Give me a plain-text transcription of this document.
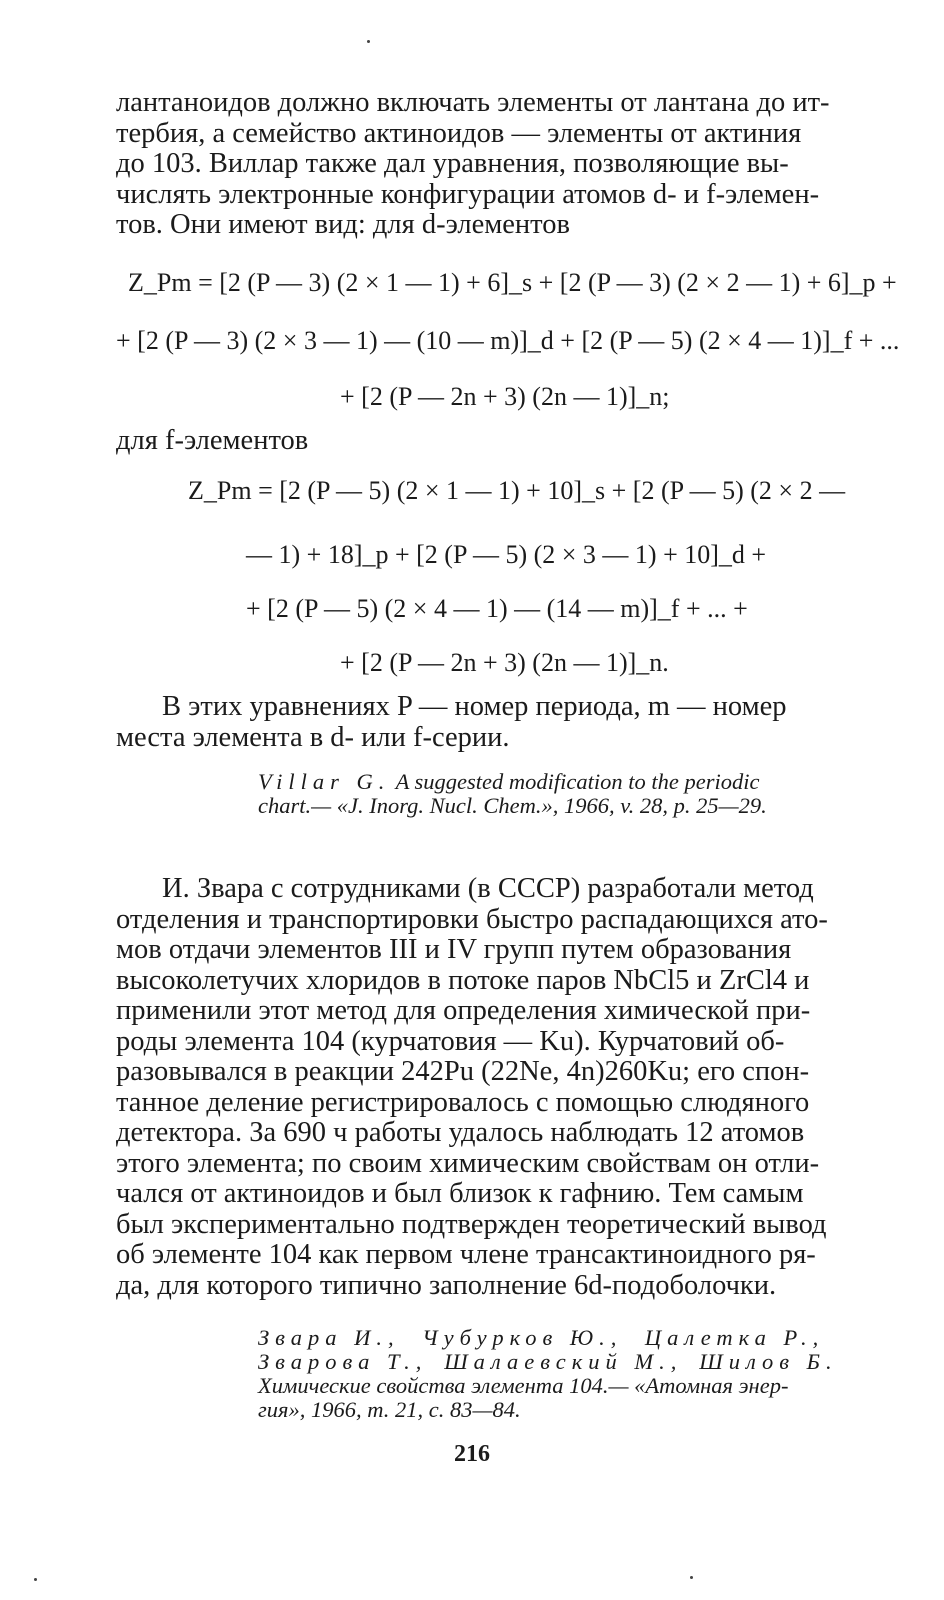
лантаноидов должно включать элементы от лантана до ит-
тербия, а семейство актиноидов — элементы от актиния
до 103. Виллар также дал уравнения, позволяющие вы-
числять электронные конфигурации атомов d- и f-элемен-
тов. Они имеют вид: для d-элементов

Z_Pm = [2 (P — 3) (2 × 1 — 1) + 6]_s + [2 (P — 3) (2 × 2 — 1) + 6]_p +
+ [2 (P — 3) (2 × 3 — 1) — (10 — m)]_d + [2 (P — 5) (2 × 4 — 1)]_f + ...
+ [2 (P — 2n + 3) (2n — 1)]_n;
для f-элементов
Z_Pm = [2 (P — 5) (2 × 1 — 1) + 10]_s + [2 (P — 5) (2 × 2 —
— 1) + 18]_p + [2 (P — 5) (2 × 3 — 1) + 10]_d +
+ [2 (P — 5) (2 × 4 — 1) — (14 — m)]_f + ... +
+ [2 (P — 2n + 3) (2n — 1)]_n.

В этих уравнениях P — номер периода, m — номер
места элемента в d- или f-серии.

Villar G. A suggested modification to the periodic
chart.— «J. Inorg. Nucl. Chem.», 1966, v. 28, p. 25—29.

И. Звара с сотрудниками (в СССР) разработали метод
отделения и транспортировки быстро распадающихся ато-
мов отдачи элементов III и IV групп путем образования
высоколетучих хлоридов в потоке паров NbCl5 и ZrCl4 и
применили этот метод для определения химической при-
роды элемента 104 (курчатовия — Ku). Курчатовий об-
разовывался в реакции 242Pu (22Ne, 4n)260Ku; его спон-
танное деление регистрировалось с помощью слюдяного
детектора. За 690 ч работы удалось наблюдать 12 атомов
этого элемента; по своим химическим свойствам он отли-
чался от актиноидов и был близок к гафнию. Тем самым
был экспериментально подтвержден теоретический вывод
об элементе 104 как первом члене трансактиноидного ря-
да, для которого типично заполнение 6d-подоболочки.

Звара И., Чубурков Ю., Цалетка Р.,
Зварова Т., Шалаевский М., Шилов Б.
Химические свойства элемента 104.— «Атомная энер-
гия», 1966, т. 21, с. 83—84.
216
